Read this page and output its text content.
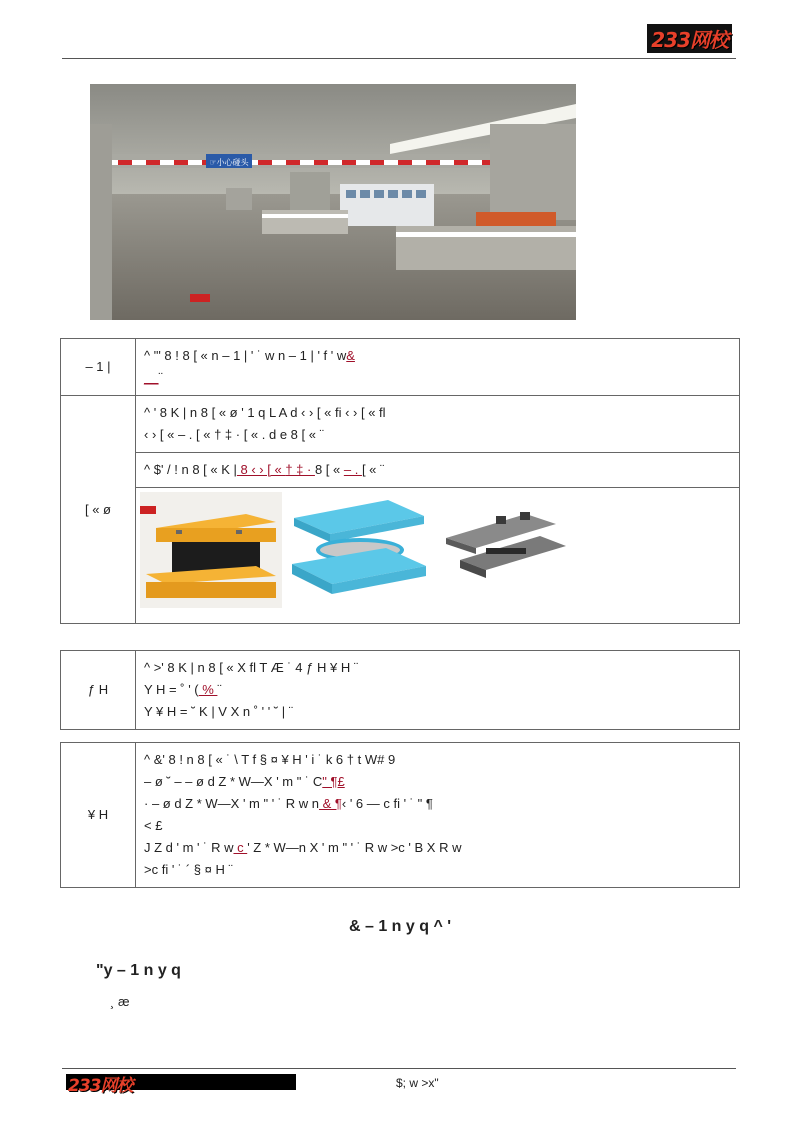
233网校
☞小心碰头
– 1 |	^ "' 8 ! 8 [ « n – 1 | ' ˙ w n – 1 | ' f ' w&
__¨
[ « ø	^ ' 8 K | n 8 [ « ø ' 1 q L A d ‹ › [ « fi ‹ › [ « fl
‹ › [ « – . [ « † ‡ · [ « . d e 8 [ « ¨
	^ $' / ! n 8 [ « K | 8 ‹ › [ « † ‡ · 8 [ « – . [ « ¨

ƒ H	^ >' 8 K | n 8 [ « X fl T Æ ˙ 4 ƒ H ¥ H ¨
Y H = ˚ ' ( % ¨
Y ¥ H = ˘ K | V X n ˚ ' ' ˘ | ¨
¥ H	^ &' 8 ! n 8 [ « ˙ \ T f § ¤ ¥ H ' i ˙ k 6 † t W# 9
– ø ˘ – – ø d Z * W—X ' m " ˙ C" ¶£
· – ø d Z * W—X ' m " ' ˙ R w n & ¶‹ ' 6 — c fi ' ˙ " ¶
< £
J Z d ' m ' ˙ R w c ' Z * W—n X ' m " ' ˙ R w >c ' B X R w
>c fi ' ˙ ´ § ¤ H ¨
& – 1 n y q ^ '
"y – 1 n y q
¸ æ
233网校	$; w >x"
